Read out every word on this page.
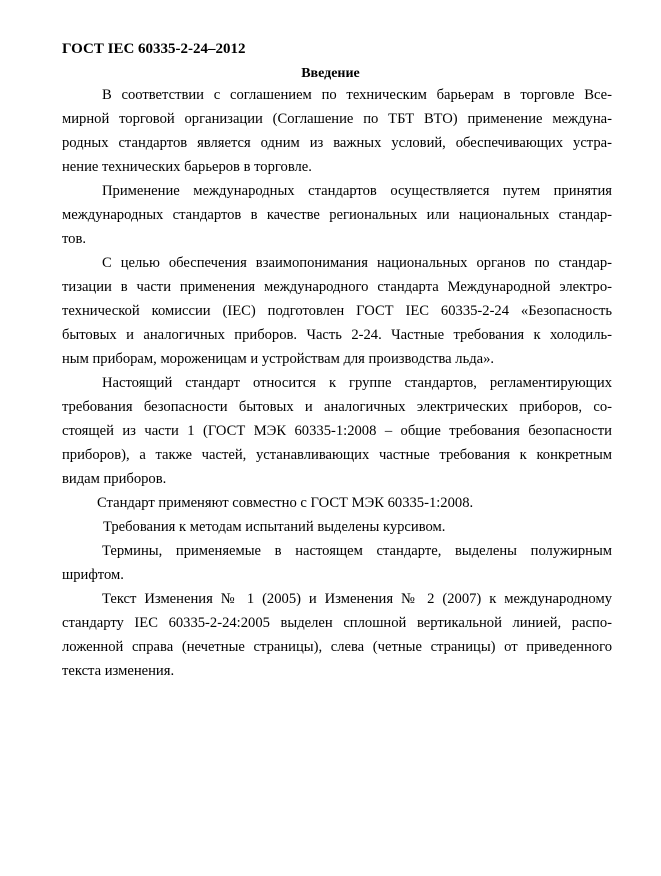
ГОСТ IEC 60335-2-24–2012
Введение
В соответствии с соглашением по техническим барьерам в торговле Все-
мирной торговой организации (Соглашение по ТБТ ВТО) применение междуна-
родных стандартов является одним из важных условий, обеспечивающих устра-
нение технических барьеров в торговле.
Применение международных стандартов осуществляется путем принятия
международных стандартов в качестве региональных или национальных стандар-
тов.
С целью обеспечения взаимопонимания национальных органов по стандар-
тизации в части применения международного стандарта Международной электро-
технической комиссии (IEC) подготовлен ГОСТ IEC 60335-2-24 «Безопасность
бытовых и аналогичных приборов. Часть 2-24. Частные требования к холодиль-
ным приборам, мороженицам и устройствам для производства льда».
Настоящий стандарт относится к группе стандартов, регламентирующих
требования безопасности бытовых и аналогичных электрических приборов, со-
стоящей из части 1 (ГОСТ МЭК 60335-1:2008 – общие требования безопасности
приборов), а также частей, устанавливающих частные требования к конкретным
видам приборов.
Стандарт применяют совместно с ГОСТ МЭК 60335-1:2008.
Требования к методам испытаний выделены курсивом.
Термины, применяемые в настоящем стандарте, выделены полужирным
шрифтом.
Текст Изменения № 1 (2005) и Изменения № 2 (2007) к международному
стандарту IEC 60335-2-24:2005 выделен сплошной вертикальной линией, распо-
ложенной справа (нечетные страницы), слева (четные страницы) от приведенного
текста изменения.
